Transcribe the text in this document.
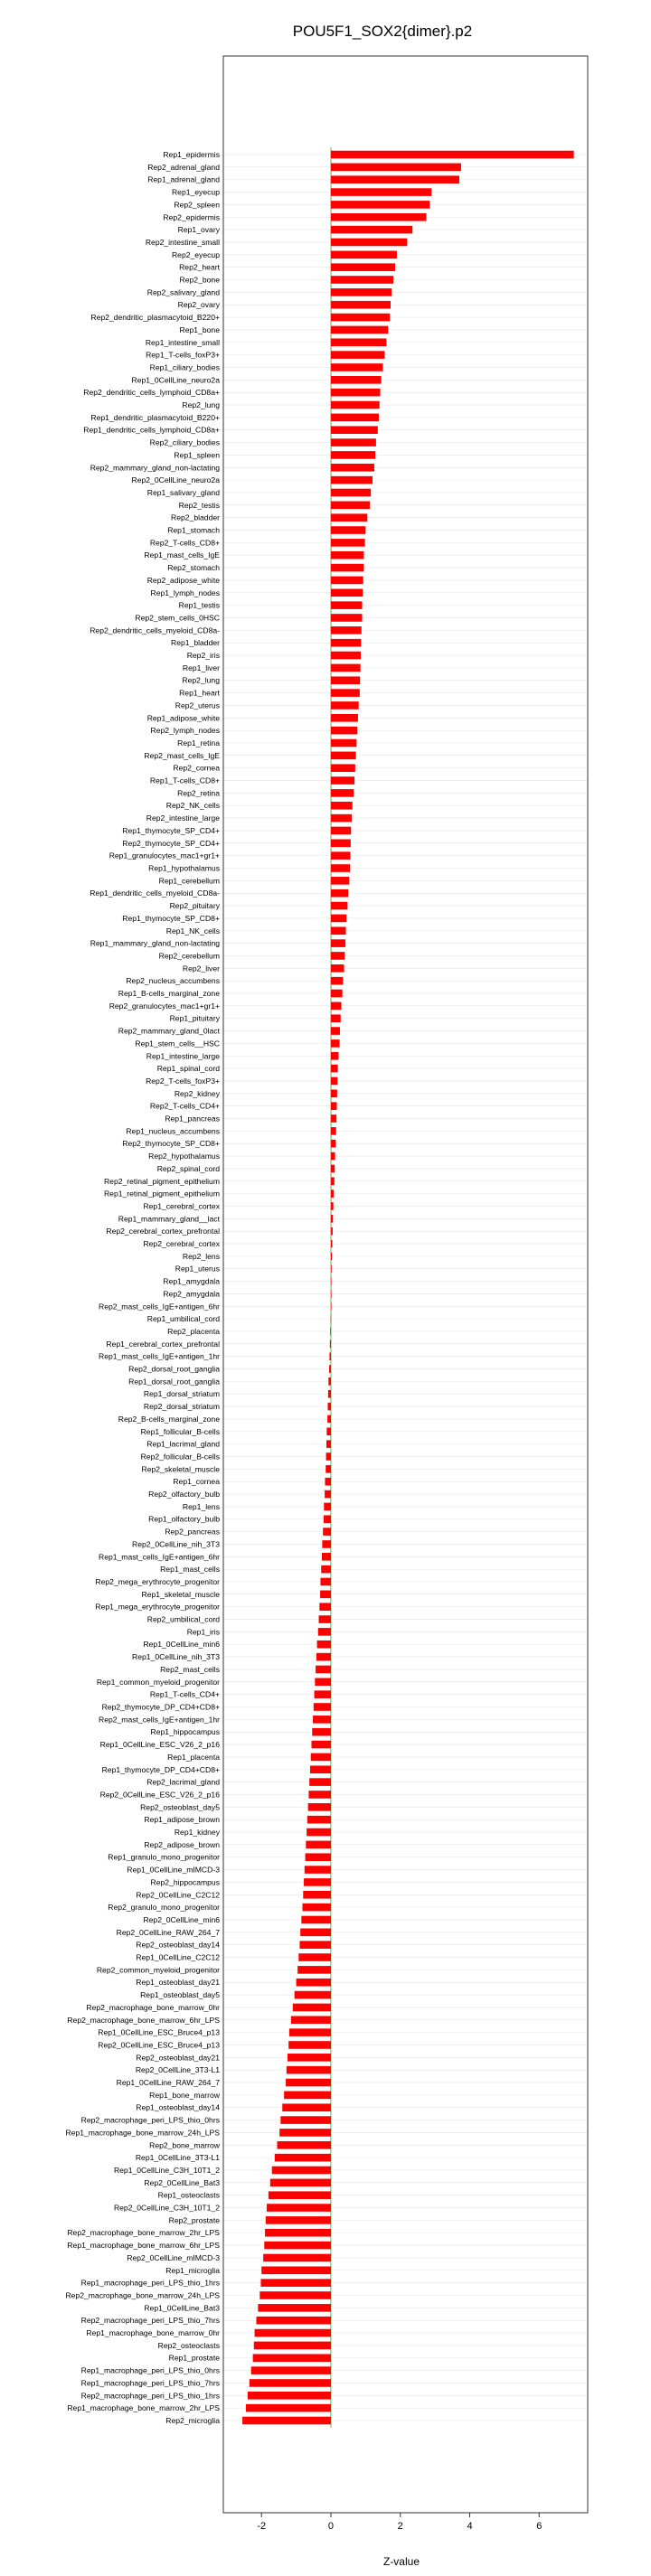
POU5F1_SOX2{dimer}.p2
Rep1_epidermis
Rep2_adrenal_gland
Rep1_adrenal_gland
Rep1_eyecup
Rep2_spleen
Rep2_epidermis
Rep1_ovary
Rep2_intestine_small
Rep2_eyecup
Rep2_heart
Rep2_bone
Rep2_salivary_gland
Rep2_ovary
Rep2_dendritic_plasmacytoid_B220+
Rep1_bone
Rep1_intestine_small
Rep1_T-cells_foxP3+
Rep1_ciliary_bodies
Rep1_0CellLine_neuro2a
Rep2_dendritic_cells_lymphoid_CD8a+
Rep2_lung
Rep1_dendritic_plasmacytoid_B220+
Rep1_dendritic_cells_lymphoid_CD8a+
Rep2_ciliary_bodies
Rep1_spleen
Rep2_mammary_gland_non-lactating
Rep2_0CellLine_neuro2a
Rep1_salivary_gland
Rep2_testis
Rep2_bladder
Rep1_stomach
Rep2_T-cells_CD8+
Rep1_mast_cells_IgE
Rep2_stomach
Rep2_adipose_white
Rep1_lymph_nodes
Rep1_testis
Rep2_stem_cells_0HSC
Rep2_dendritic_cells_myeloid_CD8a-
Rep1_bladder
Rep2_iris
Rep1_liver
Rep2_lung
Rep1_heart
Rep2_uterus
Rep1_adipose_white
Rep2_lymph_nodes
Rep1_retina
Rep2_mast_cells_IgE
Rep2_cornea
Rep1_T-cells_CD8+
Rep2_retina
Rep2_NK_cells
Rep2_intestine_large
Rep1_thymocyte_SP_CD4+
Rep2_thymocyte_SP_CD4+
Rep1_granulocytes_mac1+gr1+
Rep1_hypothalamus
Rep1_cerebellum
Rep1_dendritic_cells_myeloid_CD8a-
Rep2_pituitary
Rep1_thymocyte_SP_CD8+
Rep1_NK_cells
Rep1_mammary_gland_non-lactating
Rep2_cerebellum
Rep2_liver
Rep2_nucleus_accumbens
Rep1_B-cells_marginal_zone
Rep2_granulocytes_mac1+gr1+
Rep1_pituitary
Rep2_mammary_gland_0lact
Rep1_stem_cells__HSC
Rep1_intestine_large
Rep1_spinal_cord
Rep2_T-cells_foxP3+
Rep2_kidney
Rep2_T-cells_CD4+
Rep1_pancreas
Rep1_nucleus_accumbens
Rep2_thymocyte_SP_CD8+
Rep2_hypothalamus
Rep2_spinal_cord
Rep2_retinal_pigment_epithelium
Rep1_retinal_pigment_epithelium
Rep1_cerebral_cortex
Rep1_mammary_gland__lact
Rep2_cerebral_cortex_prefrontal
Rep2_cerebral_cortex
Rep2_lens
Rep1_uterus
Rep1_amygdala
Rep2_amygdala
Rep2_mast_cells_IgE+antigen_6hr
Rep1_umbilical_cord
Rep2_placenta
Rep1_cerebral_cortex_prefrontal
Rep1_mast_cells_IgE+antigen_1hr
Rep2_dorsal_root_ganglia
Rep1_dorsal_root_ganglia
Rep1_dorsal_striatum
Rep2_dorsal_striatum
Rep2_B-cells_marginal_zone
Rep1_follicular_B-cells
Rep1_lacrimal_gland
Rep2_follicular_B-cells
Rep2_skeletal_muscle
Rep1_cornea
Rep2_olfactory_bulb
Rep1_lens
Rep1_olfactory_bulb
Rep2_pancreas
Rep2_0CellLine_nih_3T3
Rep1_mast_cells_IgE+antigen_6hr
Rep1_mast_cells
Rep2_mega_erythrocyte_progenitor
Rep1_skeletal_muscle
Rep1_mega_erythrocyte_progenitor
Rep2_umbilical_cord
Rep1_iris
Rep1_0CellLine_min6
Rep1_0CellLine_nih_3T3
Rep2_mast_cells
Rep1_common_myeloid_progenitor
Rep1_T-cells_CD4+
Rep2_thymocyte_DP_CD4+CD8+
Rep2_mast_cells_IgE+antigen_1hr
Rep1_hippocampus
Rep1_0CellLine_ESC_V26_2_p16
Rep1_placenta
Rep1_thymocyte_DP_CD4+CD8+
Rep2_lacrimal_gland
Rep2_0CellLine_ESC_V26_2_p16
Rep2_osteoblast_day5
Rep1_adipose_brown
Rep1_kidney
Rep2_adipose_brown
Rep1_granulo_mono_progenitor
Rep1_0CellLine_mIMCD-3
Rep2_hippocampus
Rep2_0CellLine_C2C12
Rep2_granulo_mono_progenitor
Rep2_0CellLine_min6
Rep2_0CellLine_RAW_264_7
Rep2_osteoblast_day14
Rep1_0CellLine_C2C12
Rep2_common_myeloid_progenitor
Rep1_osteoblast_day21
Rep1_osteoblast_day5
Rep2_macrophage_bone_marrow_0hr
Rep2_macrophage_bone_marrow_6hr_LPS
Rep1_0CellLine_ESC_Bruce4_p13
Rep2_0CellLine_ESC_Bruce4_p13
Rep2_osteoblast_day21
Rep2_0CellLine_3T3-L1
Rep1_0CellLine_RAW_264_7
Rep1_bone_marrow
Rep1_osteoblast_day14
Rep2_macrophage_peri_LPS_thio_0hrs
Rep1_macrophage_bone_marrow_24h_LPS
Rep2_bone_marrow
Rep1_0CellLine_3T3-L1
Rep1_0CellLine_C3H_10T1_2
Rep2_0CellLine_Bat3
Rep1_osteoclasts
Rep2_0CellLine_C3H_10T1_2
Rep2_prostate
Rep2_macrophage_bone_marrow_2hr_LPS
Rep1_macrophage_bone_marrow_6hr_LPS
Rep2_0CellLine_mIMCD-3
Rep1_microglia
Rep1_macrophage_peri_LPS_thio_1hrs
Rep2_macrophage_bone_marrow_24h_LPS
Rep1_0CellLine_Bat3
Rep2_macrophage_peri_LPS_thio_7hrs
Rep1_macrophage_bone_marrow_0hr
Rep2_osteoclasts
Rep1_prostate
Rep1_macrophage_peri_LPS_thio_0hrs
Rep1_macrophage_peri_LPS_thio_7hrs
Rep2_macrophage_peri_LPS_thio_1hrs
Rep1_macrophage_bone_marrow_2hr_LPS
Rep2_microglia
-2	0	2	4	6
Z-value
